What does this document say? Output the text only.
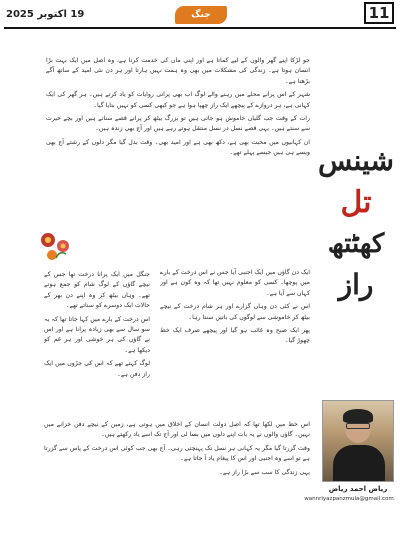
19 اکتوبر 2025	جنگ	11

جو لڑکا اپنے گھر والوں کے لیے کماتا ہے اور اپنی ماں کی خدمت کرتا ہے، وہ اصل میں ایک بہت بڑا انسان ہوتا ہے۔ زندگی کی مشکلات میں بھی وہ ہمت نہیں ہارتا اور ہر دن نئی امید کے ساتھ آگے بڑھتا ہے۔

شہر کے اس پرانے محلے میں رہنے والے لوگ اب بھی پرانی روایات کو یاد کرتے ہیں۔ ہر گھر کی ایک کہانی ہے، ہر دروازے کے پیچھے ایک راز چھپا ہوا ہے جو کبھی کسی کو نہیں بتایا گیا۔

رات کے وقت جب گلیاں خاموش ہو جاتی ہیں تو بزرگ بیٹھ کر پرانے قصے سناتے ہیں اور بچے حیرت سے سنتے ہیں۔ یہی قصے نسل در نسل منتقل ہوتے رہے ہیں اور آج بھی زندہ ہیں۔

ان کہانیوں میں محبت بھی ہے، دکھ بھی ہے اور امید بھی۔ وقت بدل گیا مگر دلوں کے رشتے آج بھی ویسے ہی ہیں جیسے پہلے تھے۔

جنگل میں ایک پرانا درخت تھا جس کے نیچے گاؤں کے لوگ شام کو جمع ہوتے تھے۔ وہاں بیٹھ کر وہ اپنے دن بھر کے حالات ایک دوسرے کو سناتے تھے۔

اس درخت کے بارے میں کہا جاتا تھا کہ یہ سو سال سے بھی زیادہ پرانا ہے اور اس نے گاؤں کی ہر خوشی اور ہر غم کو دیکھا ہے۔

لوگ کہتے تھے کہ اس کی جڑوں میں ایک راز دفن ہے۔

ایک دن گاؤں میں ایک اجنبی آیا جس نے اس درخت کے بارے میں پوچھا۔ کسی کو معلوم نہیں تھا کہ وہ کون ہے اور کہاں سے آیا ہے۔

اس نے کئی دن وہاں گزارے اور ہر شام درخت کے نیچے بیٹھ کر خاموشی سے لوگوں کی باتیں سنتا رہا۔

پھر ایک صبح وہ غائب ہو گیا اور پیچھے صرف ایک خط چھوڑ گیا۔

اس خط میں لکھا تھا کہ اصل دولت انسان کے اخلاق میں ہوتی ہے، زمین کے نیچے دفن خزانے میں نہیں۔ گاؤں والوں نے یہ بات اپنے دلوں میں بسا لی اور آج تک اسے یاد رکھتے ہیں۔

وقت گزرتا گیا مگر یہ کہانی ہر نسل تک پہنچتی رہی۔ آج بھی جب کوئی اس درخت کے پاس سے گزرتا ہے تو اسے وہ اجنبی اور اس کا پیغام یاد آ جاتا ہے۔

یہی زندگی کا سب سے بڑا راز ہے۔

شینس
تل
کھٹتھ
راز
ریاض احمد ریاض
wannriyazpanzmula@gmail.com
